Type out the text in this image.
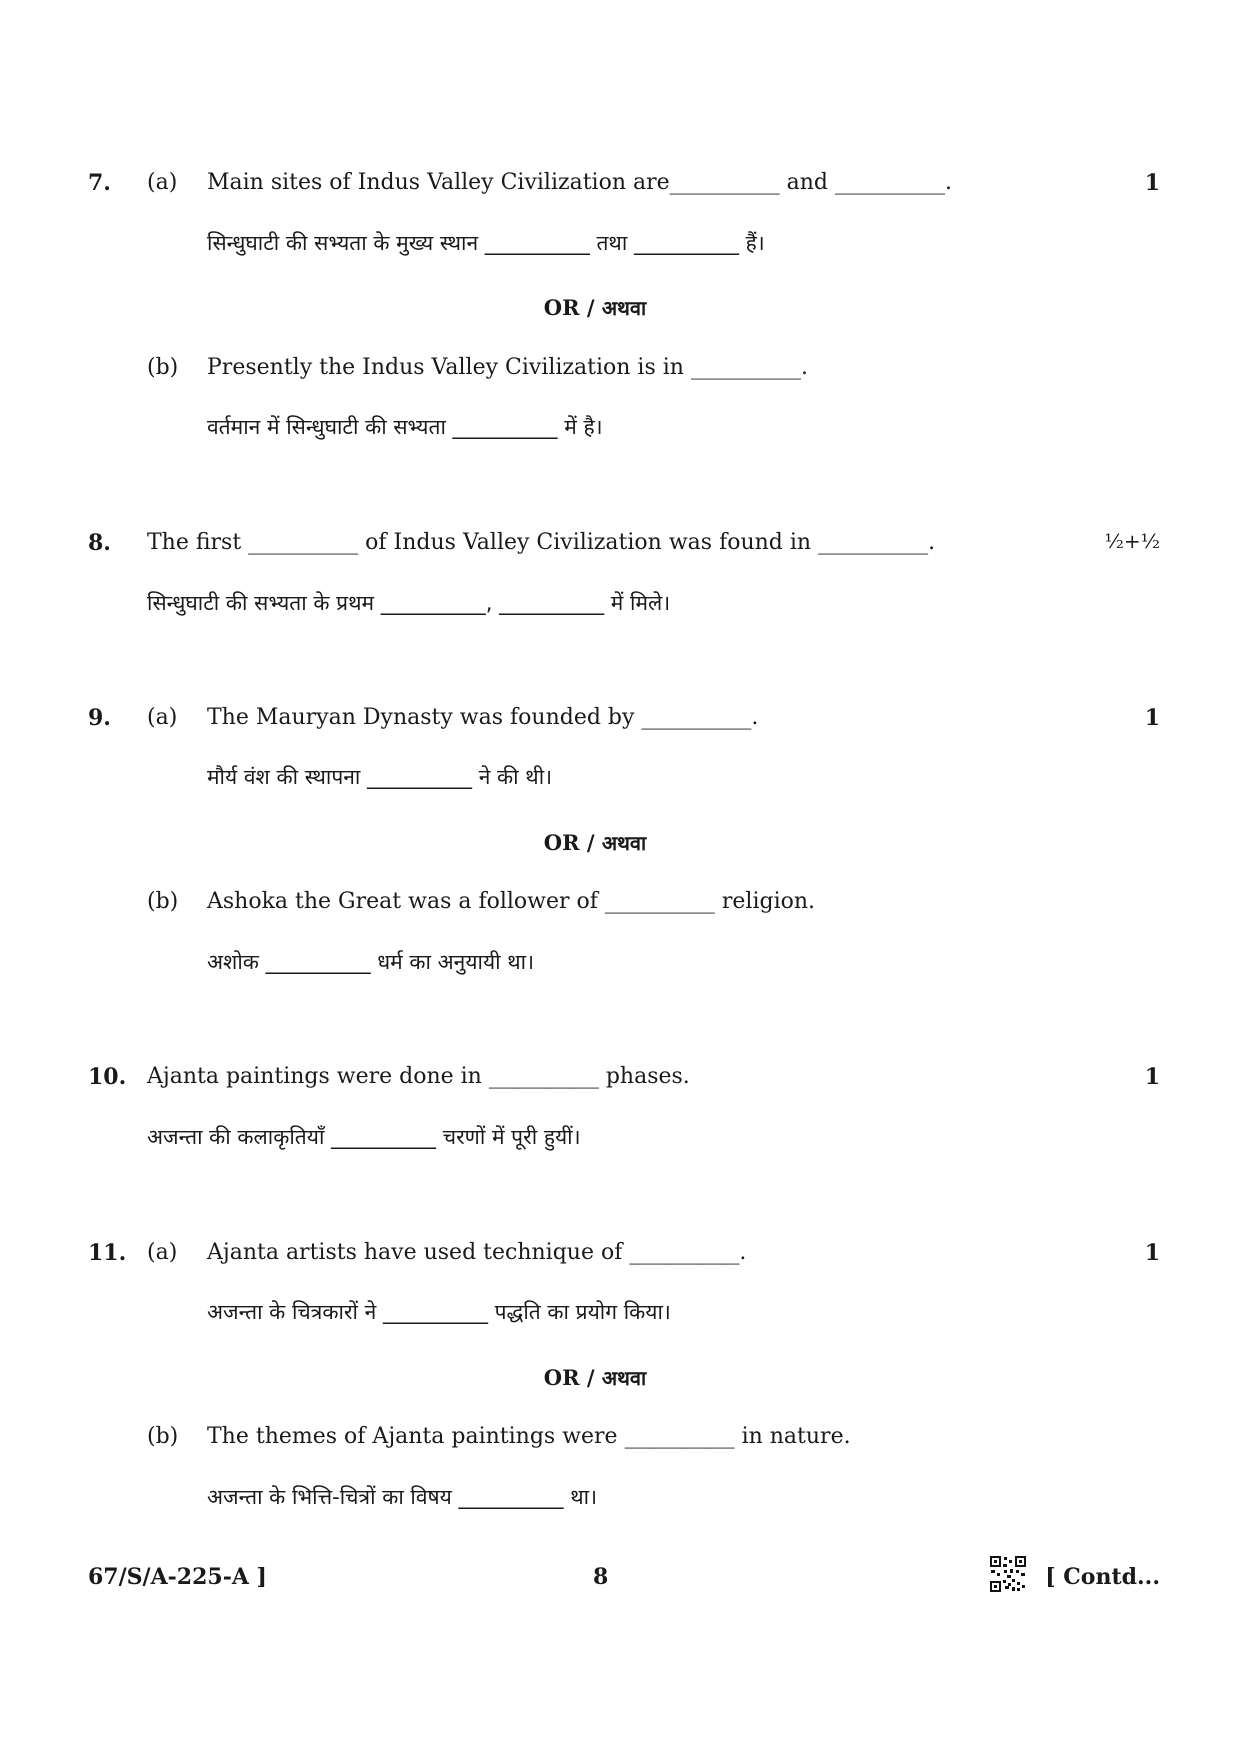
7. (a) Main sites of Indus Valley Civilization are__________ and __________.	1
सिन्धुघाटी की सभ्यता के मुख्य स्थान __________ तथा __________ हैं।
OR / अथवा
(b) Presently the Indus Valley Civilization is in __________.
वर्तमान में सिन्धुघाटी की सभ्यता __________ में है।
8. The first __________ of Indus Valley Civilization was found in __________.	½+½
सिन्धुघाटी की सभ्यता के प्रथम __________, __________ में मिले।
9. (a) The Mauryan Dynasty was founded by __________.	1
मौर्य वंश की स्थापना __________ ने की थी।
OR / अथवा
(b) Ashoka the Great was a follower of __________ religion.
अशोक __________ धर्म का अनुयायी था।
10. Ajanta paintings were done in __________ phases.	1
अजन्ता की कलाकृतियाँ __________ चरणों में पूरी हुयीं।
11. (a) Ajanta artists have used technique of __________.	1
अजन्ता के चित्रकारों ने __________ पद्धति का प्रयोग किया।
OR / अथवा
(b) The themes of Ajanta paintings were __________ in nature.
अजन्ता के भित्ति-चित्रों का विषय __________ था।
67/S/A-225-A ]	8	[ Contd...
